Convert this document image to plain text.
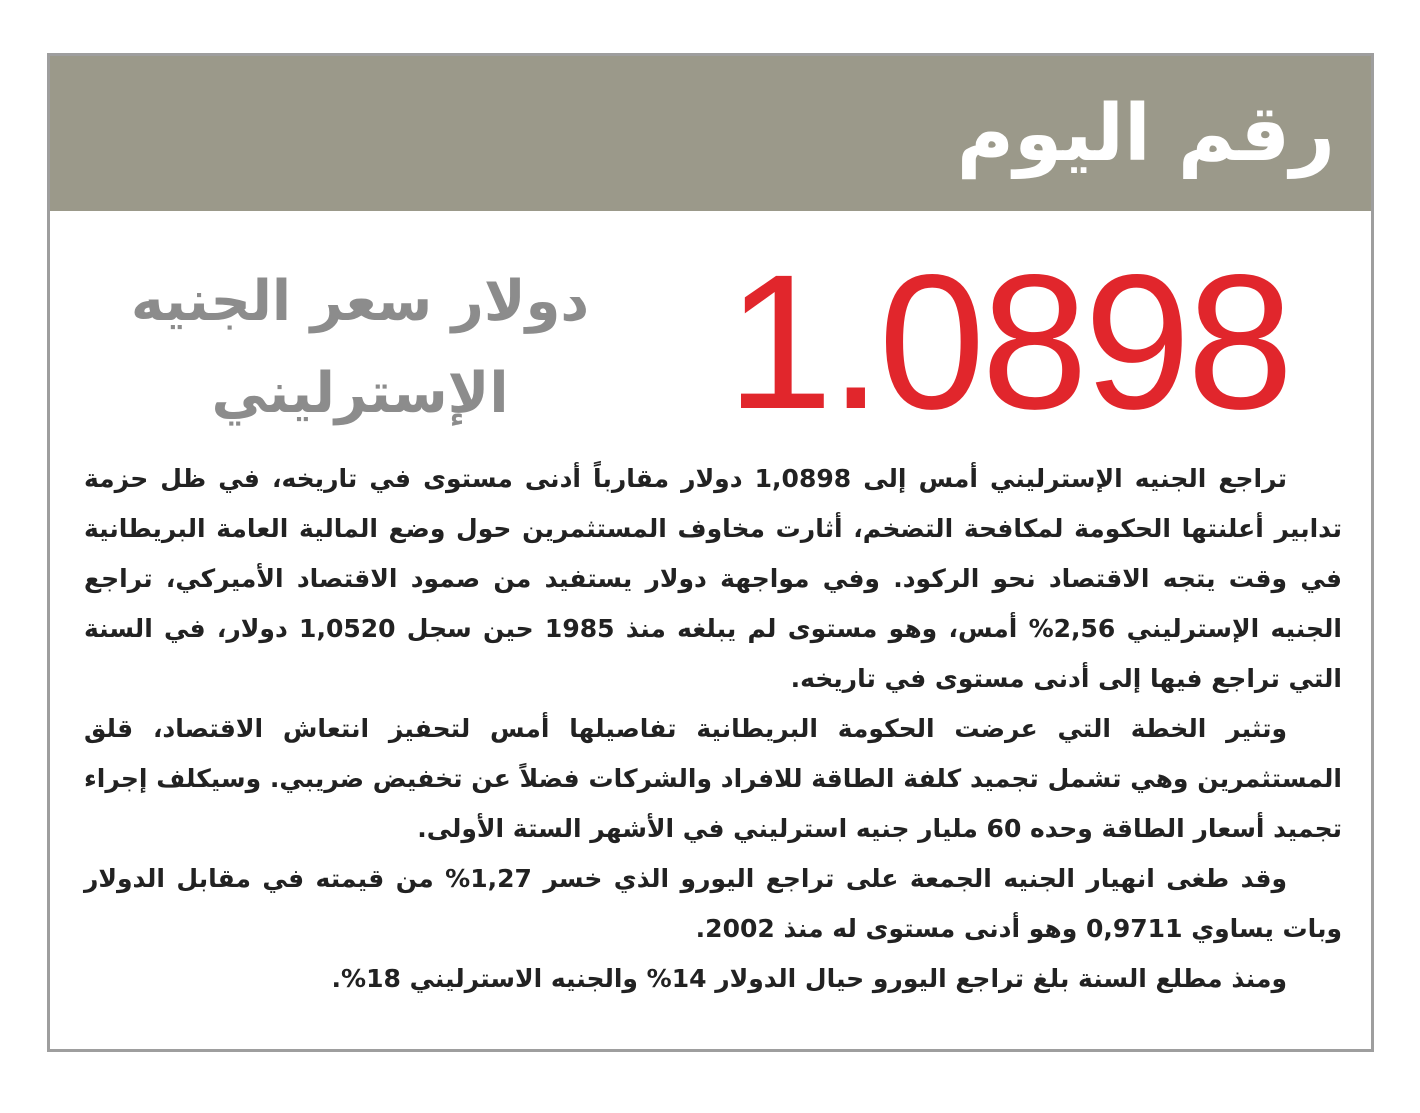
رقم اليوم
1.0898
دولار سعر الجنيه الإسترليني

تراجع الجنيه الإسترليني أمس إلى 1,0898 دولار مقارباً أدنى مستوى في تاريخه، في ظل حزمة تدابير أعلنتها الحكومة لمكافحة التضخم، أثارت مخاوف المستثمرين حول وضع المالية العامة البريطانية في وقت يتجه الاقتصاد نحو الركود. وفي مواجهة دولار يستفيد من صمود الاقتصاد الأميركي، تراجع الجنيه الإسترليني 2,56% أمس، وهو مستوى لم يبلغه منذ 1985 حين سجل 1,0520 دولار، في السنة التي تراجع فيها إلى أدنى مستوى في تاريخه.

وتثير الخطة التي عرضت الحكومة البريطانية تفاصيلها أمس لتحفيز انتعاش الاقتصاد، قلق المستثمرين وهي تشمل تجميد كلفة الطاقة للافراد والشركات فضلاً عن تخفيض ضريبي. وسيكلف إجراء تجميد أسعار الطاقة وحده 60 مليار جنيه استرليني في الأشهر الستة الأولى.

وقد طغى انهيار الجنيه الجمعة على تراجع اليورو الذي خسر 1,27% من قيمته في مقابل الدولار وبات يساوي 0,9711 وهو أدنى مستوى له منذ 2002.

ومنذ مطلع السنة بلغ تراجع اليورو حيال الدولار 14% والجنيه الاسترليني 18%.
